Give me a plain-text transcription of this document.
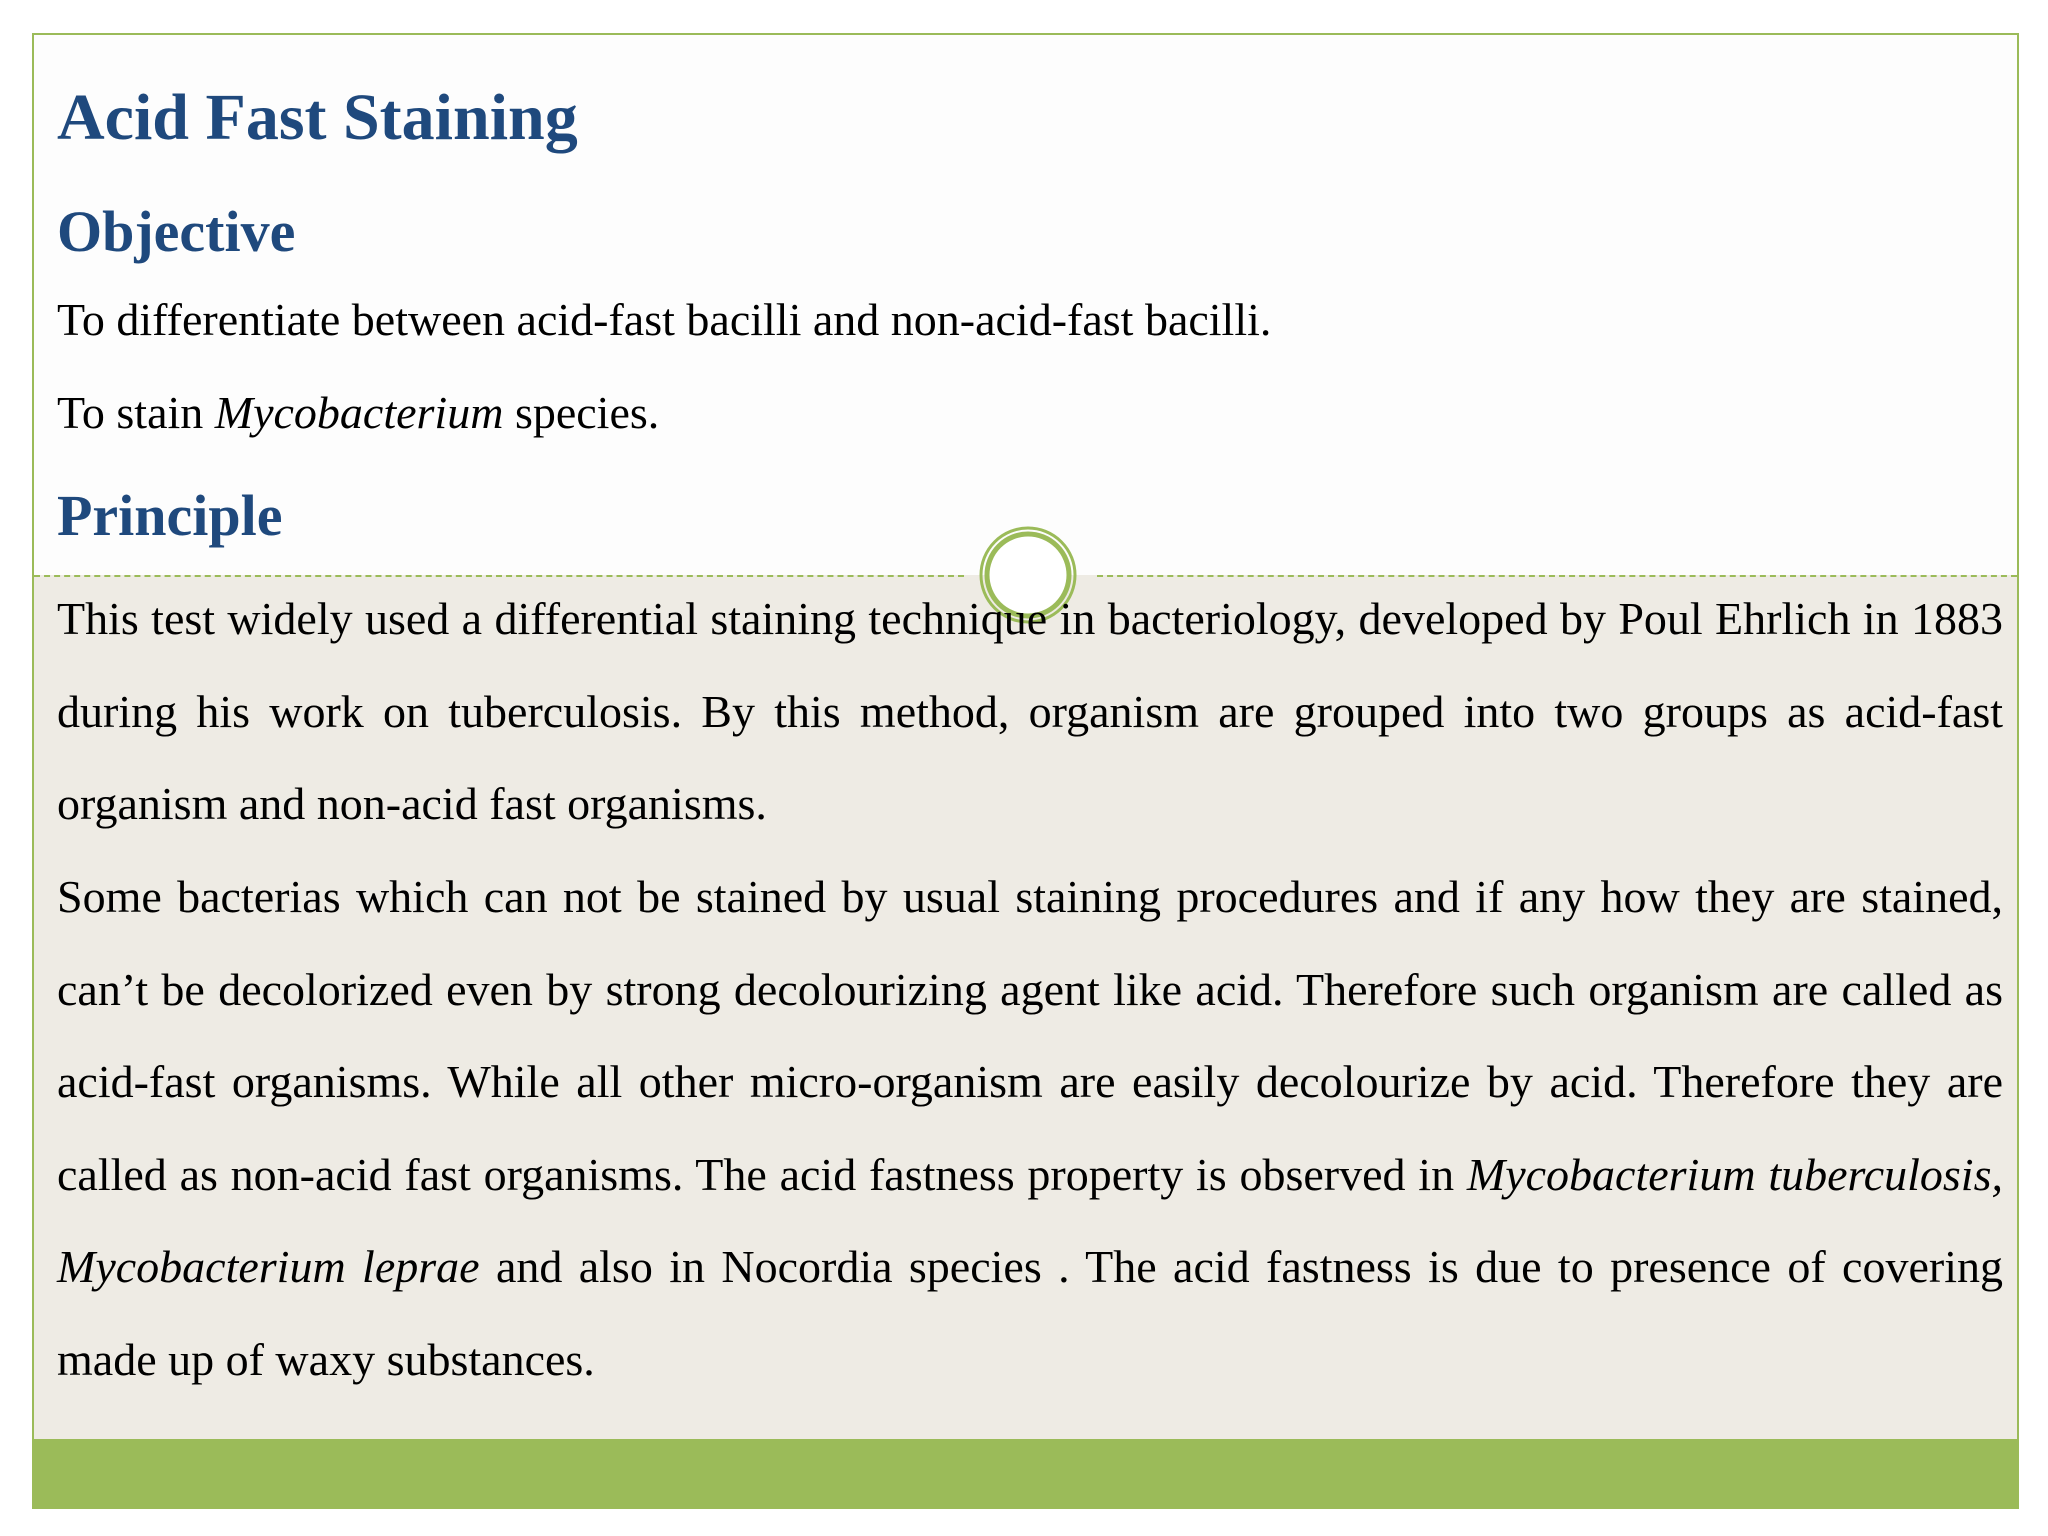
Acid Fast Staining
Objective

To differentiate between acid-fast bacilli and non-acid-fast bacilli.

To stain Mycobacterium species.

Principle

This test widely used a differential staining technique in bacteriology, developed by Poul Ehrlich in 1883 during his work on tuberculosis. By this method, organism are grouped into two groups as acid-fast organism and non-acid fast organisms.

Some bacterias which can not be stained by usual staining procedures and if any how they are stained, can’t be decolorized even by strong decolourizing agent like acid. Therefore such organism are called as acid-fast organisms. While all other micro-organism are easily decolourize by acid. Therefore they are called as non-acid fast organisms. The acid fastness property is observed in Mycobacterium tuberculosis, Mycobacterium leprae and also in Nocordia species . The acid fastness is due to presence of covering made up of waxy substances.
